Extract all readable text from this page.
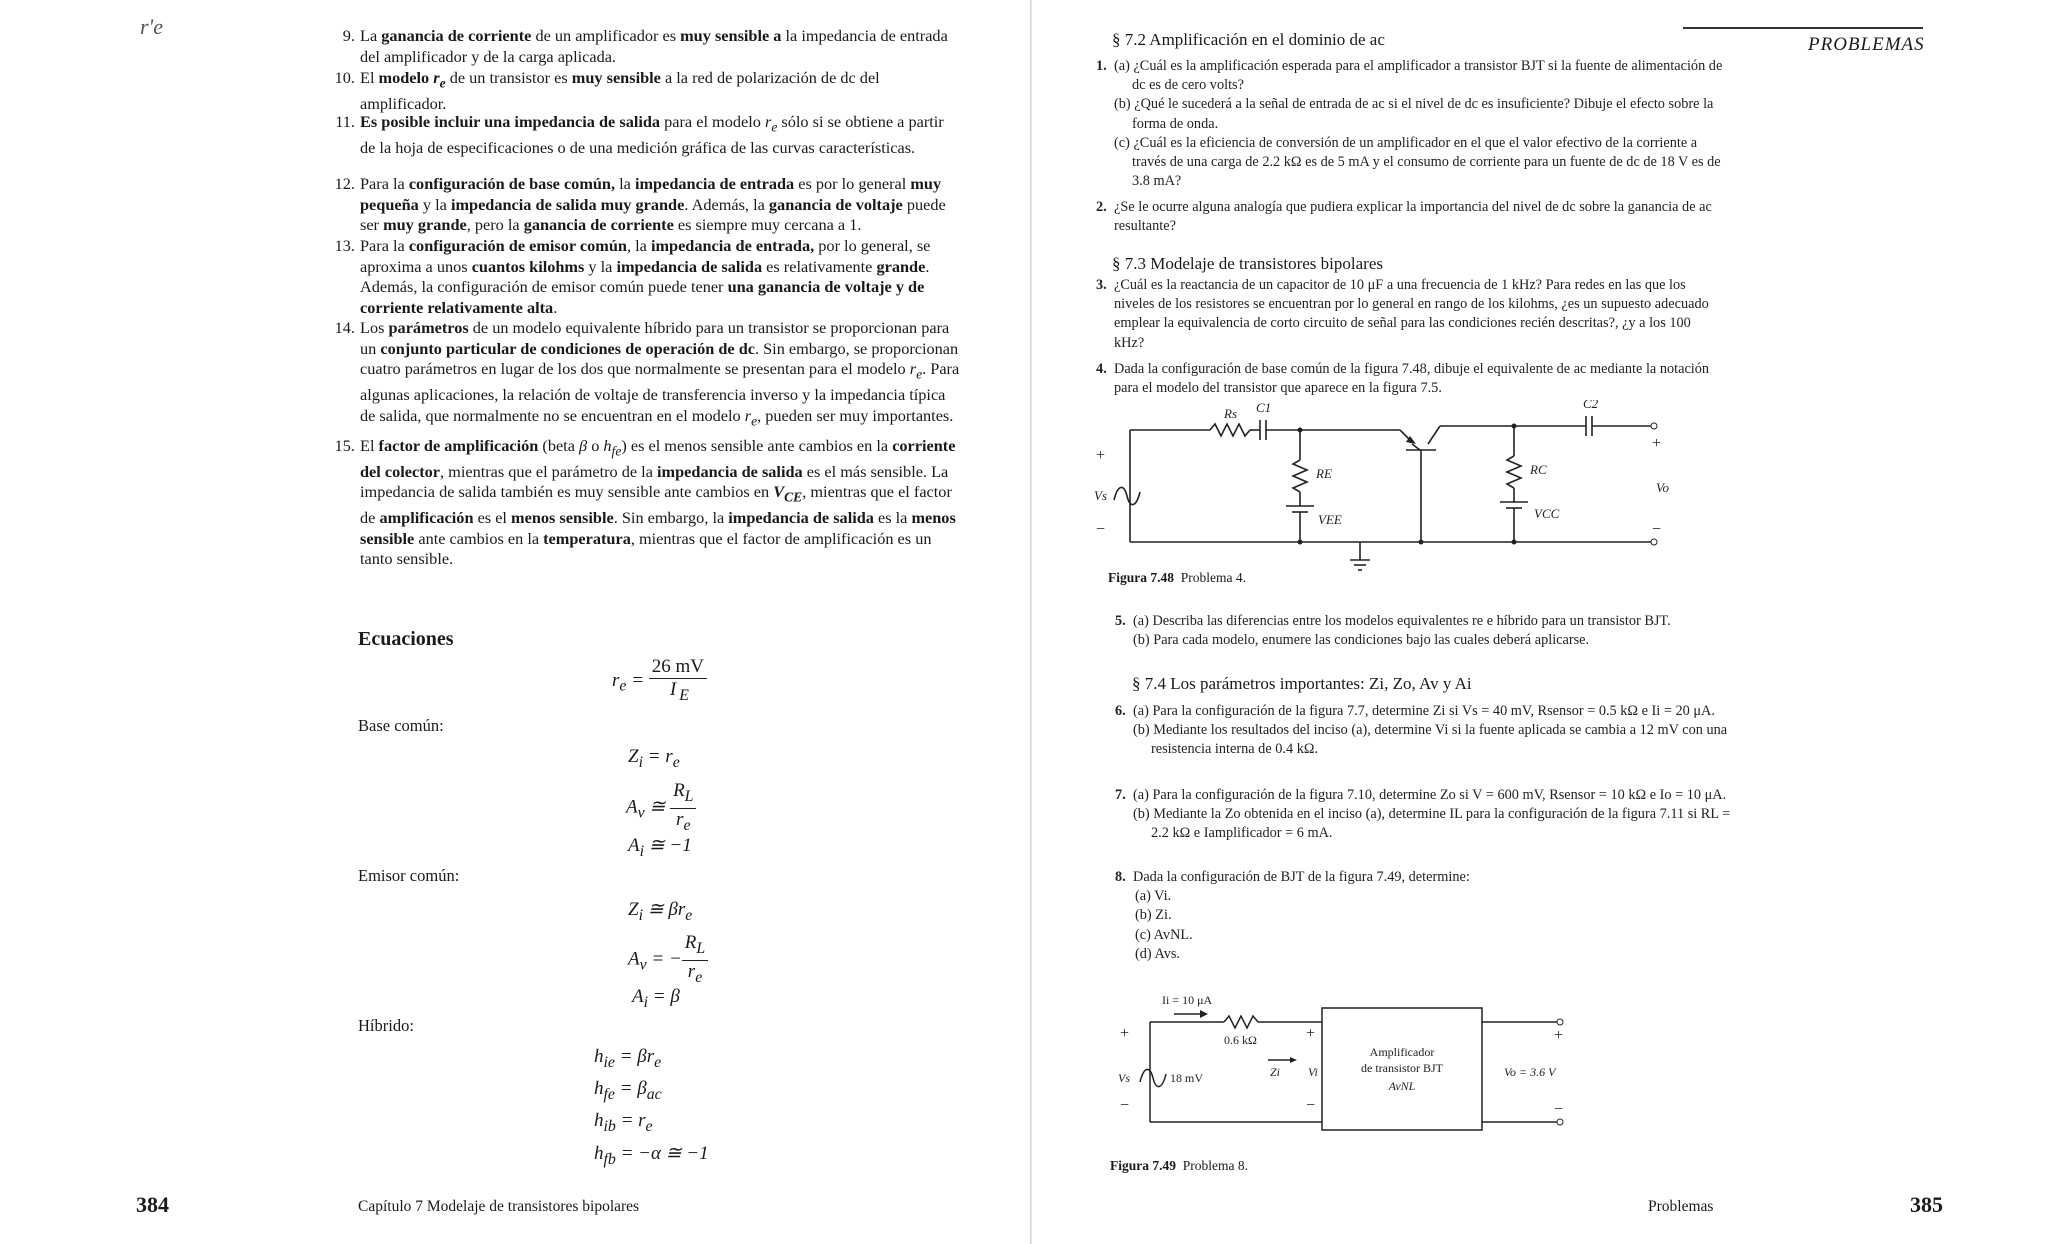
r'e	9. La ganancia de corriente de un amplificador es muy sensible a la impedancia de entrada del amplificador y de la carga aplicada.
10. El modelo $r_e$ de un transistor es muy sensible a la red de polarización de dc del amplificador.
11. Es posible incluir una impedancia de salida para el modelo $r_e$ sólo si se obtiene a partir de la hoja de especificaciones o de una medición gráfica de las curvas características.
12. Para la configuración de base común, la impedancia de entrada es por lo general muy pequeña y la impedancia de salida muy grande. Además, la ganancia de voltaje puede ser muy grande, pero la ganancia de corriente es siempre muy cercana a 1.
13. Para la configuración de emisor común, la impedancia de entrada, por lo general, se aproxima a unos cuantos kilohms y la impedancia de salida es relativamente grande. Además, la configuración de emisor común puede tener una ganancia de voltaje y de corriente relativamente alta.
14. Los parámetros de un modelo equivalente híbrido para un transistor se proporcionan para un conjunto particular de condiciones de operación de dc. Sin embargo, se proporcionan cuatro parámetros en lugar de los dos que normalmente se presentan para el modelo $r_e$. Para algunas aplicaciones, la relación de voltaje de transferencia inverso y la impedancia típica de salida, que normalmente no se encuentran en el modelo $r_e$, pueden ser muy importantes.
15. El factor de amplificación (beta β o $h_{fe}$) es el menos sensible ante cambios en la corriente del colector, mientras que el parámetro de la impedancia de salida es el más sensible. La impedancia de salida también es muy sensible ante cambios en $V_{CE}$, mientras que el factor de amplificación es el menos sensible. Sin embargo, la impedancia de salida es la menos sensible ante cambios en la temperatura, mientras que el factor de amplificación es un tanto sensible.
Ecuaciones
$r_e = \frac{26 mV}{I _E}$
Base común:
$Z_i = r_e$
$A_v$ ≅ $\frac{R_L}{r_e}$
$A_i$ ≅ −1
Emisor común:
$Z_i$ ≅ $\beta r_e$
$A_v$ = − $\frac{R_L}{r_e}$
$A_i = \beta$
Híbrido:
$h_{ie} = \beta r_e$
$h_{fe} = \beta_{ac}$
$h_{ib} = r_e$
$h_{fb} = -\alpha$ ≅ −1
384	Capítulo 7 Modelaje de transistores bipolares
PROBLEMAS
§ 7.2 Amplificación en el dominio de ac
1. (a) ¿Cuál es la amplificación esperada para el amplificador a transistor BJT si la fuente de alimentación de dc es de cero volts?
(b) ¿Qué le sucederá a la señal de entrada de ac si el nivel de dc es insuficiente? Dibuje el efecto sobre la forma de onda.
(c) ¿Cuál es la eficiencia de conversión de un amplificador en el que el valor efectivo de la corriente a través de una carga de 2.2 kΩ es de 5 mA y el consumo de corriente para un fuente de dc de 18 V es de 3.8 mA?
2. ¿Se le ocurre alguna analogía que pudiera explicar la importancia del nivel de dc sobre la ganancia de ac resultante?
§ 7.3 Modelaje de transistores bipolares
3. ¿Cuál es la reactancia de un capacitor de 10 μF a una frecuencia de 1 kHz? Para redes en las que los niveles de los resistores se encuentran por lo general en rango de los kilohms, ¿es un supuesto adecuado emplear la equivalencia de corto circuito de señal para las condiciones recién descritas?, ¿y a los 100 kHz?
4. Dada la configuración de base común de la figura 7.48, dibuje el equivalente de ac mediante la notación para el modelo del transistor que aparece en la figura 7.5.
Rs C1	C2
RE	RC
VEE	VCC
Vs
Vo
+
−
+
−
Figura 7.48 Problema 4.
5. (a) Describa las diferencias entre los modelos equivalentes re e híbrido para un transistor BJT.
(b) Para cada modelo, enumere las condiciones bajo las cuales deberá aplicarse.
§ 7.4 Los parámetros importantes: Zi, Zo, Av y Ai
6. (a) Para la configuración de la figura 7.7, determine Zi si Vs = 40 mV, Rsensor = 0.5 kΩ e Ii = 20 μA.
(b) Mediante los resultados del inciso (a), determine Vi si la fuente aplicada se cambia a 12 mV con una resistencia interna de 0.4 kΩ.
7. (a) Para la configuración de la figura 7.10, determine Zo si V = 600 mV, Rsensor = 10 kΩ e Io = 10 μA.
(b) Mediante la Zo obtenida en el inciso (a), determine IL para la configuración de la figura 7.11 si RL = 2.2 kΩ e Iamplificador = 6 mA.
8. Dada la configuración de BJT de la figura 7.49, determine:
(a) Vi.
(b) Zi.
(c) AvNL.
(d) Avs.
Ii = 10 μA
0.6 kΩ
Vs	18 mV	Zi Vi
Amplificador
de transistor BJT
AvNL
Vo = 3.6 V
+
−
+
−
+
−
Figura 7.49 Problema 8.
Problemas	385
